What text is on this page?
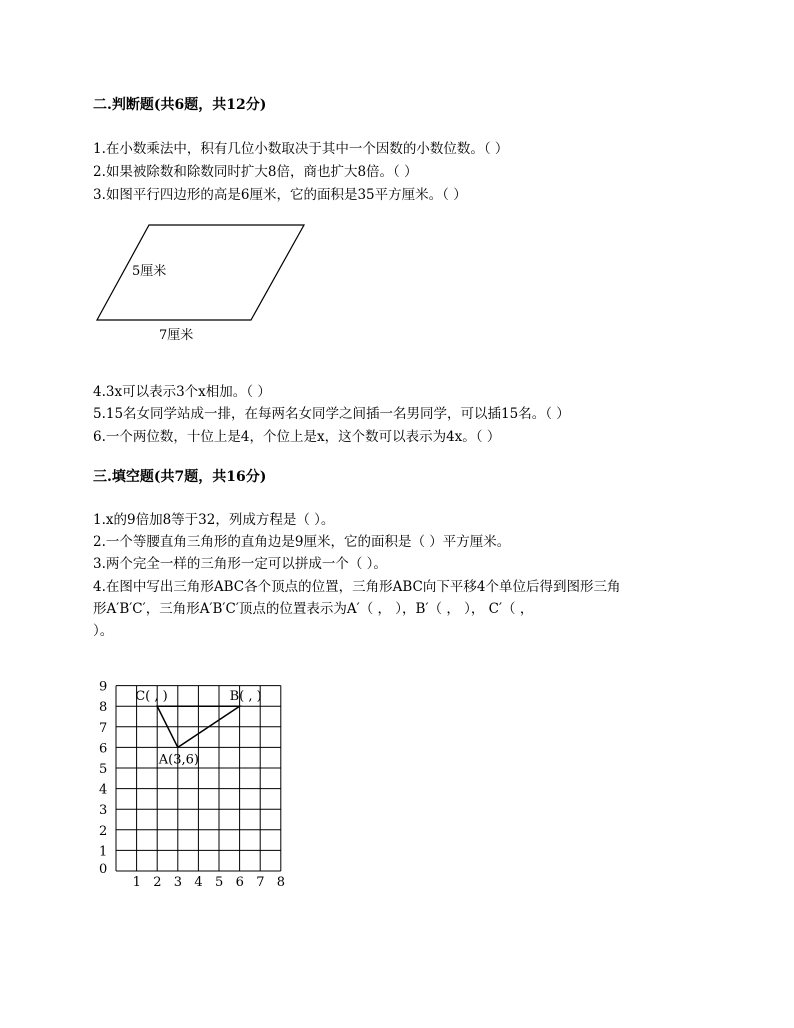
二.判断题(共6题，共12分)
1.在小数乘法中，积有几位小数取决于其中一个因数的小数位数。（ ）
2.如果被除数和除数同时扩大8倍，商也扩大8倍。（ ）
3.如图平行四边形的高是6厘米，它的面积是35平方厘米。（ ）
5厘米
7厘米
4.3x可以表示3个x相加。（ ）
5.15名女同学站成一排，在每两名女同学之间插一名男同学，可以插15名。（ ）
6.一个两位数，十位上是4，个位上是x，这个数可以表示为4x。（ ）
三.填空题(共7题，共16分)
1.x的9倍加8等于32，列成方程是（ ）。
2.一个等腰直角三角形的直角边是9厘米，它的面积是（ ）平方厘米。
3.两个完全一样的三角形一定可以拼成一个（ ）。
4.在图中写出三角形ABC各个顶点的位置，三角形ABC向下平移4个单位后得到图形三角
形A′B′C′，三角形A′B′C′顶点的位置表示为A′（ ， ），B′（ ， ）， C′（ ，
）。
1 2 3 4 5 6 7 8
0
1
2
3
4
5
6
7
8
9
C( , )	B( , )
A(3,6)
